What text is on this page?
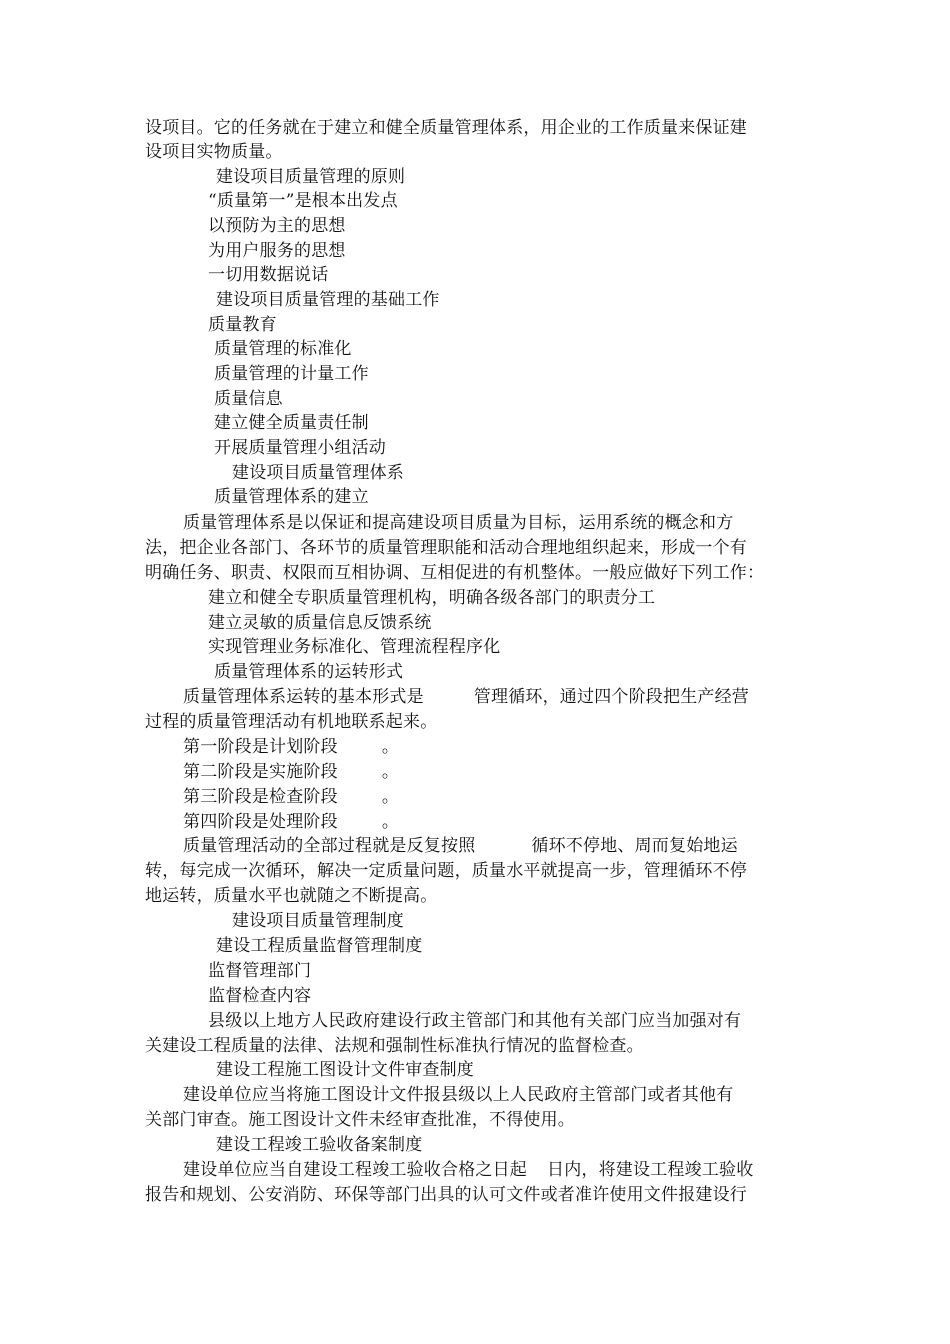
设项目。它的任务就在于建立和健全质量管理体系，用企业的工作质量来保证建
设项目实物质量。
建设项目质量管理的原则
“质量第一”是根本出发点
以预防为主的思想
为用户服务的思想
一切用数据说话
建设项目质量管理的基础工作
质量教育
质量管理的标准化
质量管理的计量工作
质量信息
建立健全质量责任制
开展质量管理小组活动
建设项目质量管理体系
质量管理体系的建立
质量管理体系是以保证和提高建设项目质量为目标，运用系统的概念和方
法，把企业各部门、各环节的质量管理职能和活动合理地组织起来，形成一个有
明确任务、职责、权限而互相协调、互相促进的有机整体。一般应做好下列工作：
建立和健全专职质量管理机构，明确各级各部门的职责分工
建立灵敏的质量信息反馈系统
实现管理业务标准化、管理流程程序化
质量管理体系的运转形式
质量管理体系运转的基本形式是	管理循环，通过四个阶段把生产经营
过程的质量管理活动有机地联系起来。
第一阶段是计划阶段	。
第二阶段是实施阶段	。
第三阶段是检查阶段	。
第四阶段是处理阶段	。
质量管理活动的全部过程就是反复按照	循环不停地、周而复始地运
转，每完成一次循环，解决一定质量问题，质量水平就提高一步，管理循环不停
地运转，质量水平也就随之不断提高。
建设项目质量管理制度
建设工程质量监督管理制度
监督管理部门
监督检查内容
县级以上地方人民政府建设行政主管部门和其他有关部门应当加强对有
关建设工程质量的法律、法规和强制性标准执行情况的监督检查。
建设工程施工图设计文件审查制度
建设单位应当将施工图设计文件报县级以上人民政府主管部门或者其他有
关部门审查。施工图设计文件未经审查批准，不得使用。
建设工程竣工验收备案制度
建设单位应当自建设工程竣工验收合格之日起 日内，将建设工程竣工验收
报告和规划、公安消防、环保等部门出具的认可文件或者准许使用文件报建设行
